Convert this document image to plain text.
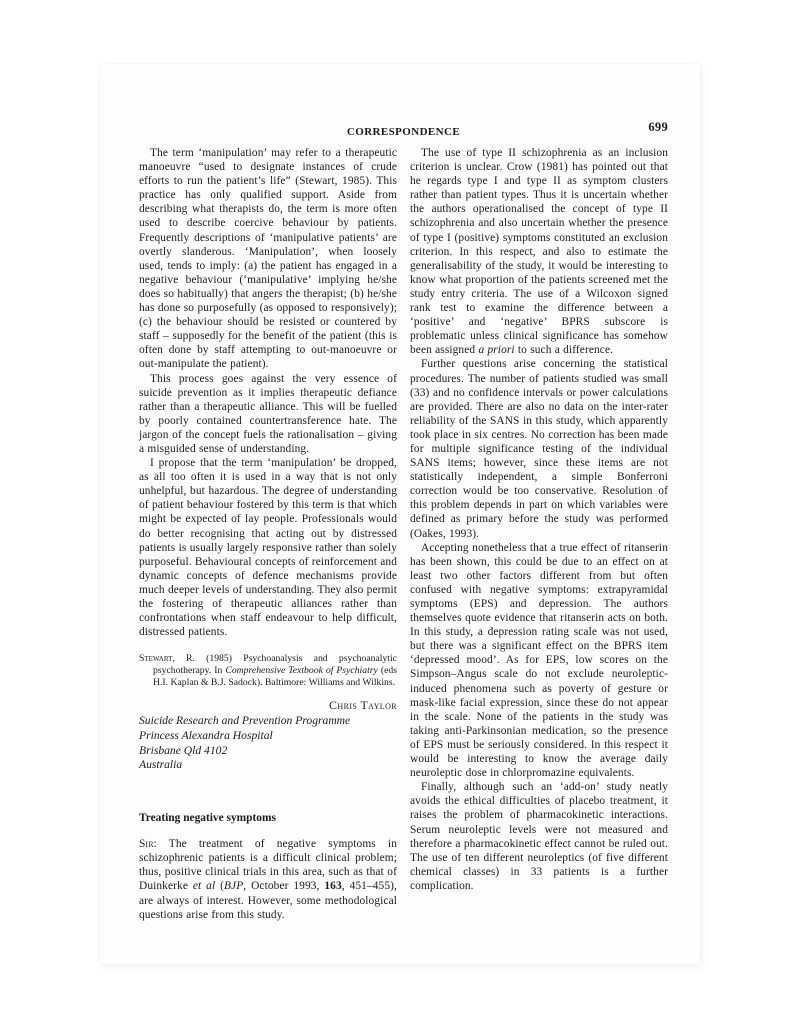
CORRESPONDENCE	699

The term ‘manipulation’ may refer to a therapeutic manoeuvre “used to designate instances of crude efforts to run the patient’s life” (Stewart, 1985). This practice has only qualified support. Aside from describing what therapists do, the term is more often used to describe coercive behaviour by patients. Frequently descriptions of ‘manipulative patients’ are overtly slanderous. ‘Manipulation’, when loosely used, tends to imply: (a) the patient has engaged in a negative behaviour (‘manipulative’ implying he/she does so habitually) that angers the therapist; (b) he/she has done so purposefully (as opposed to responsively); (c) the behaviour should be resisted or countered by staff – supposedly for the benefit of the patient (this is often done by staff attempting to out-manoeuvre or out-manipulate the patient).

This process goes against the very essence of suicide prevention as it implies therapeutic defiance rather than a therapeutic alliance. This will be fuelled by poorly contained countertransference hate. The jargon of the concept fuels the rationalisation – giving a misguided sense of understanding.

I propose that the term ‘manipulation’ be dropped, as all too often it is used in a way that is not only unhelpful, but hazardous. The degree of understanding of patient behaviour fostered by this term is that which might be expected of lay people. Professionals would do better recognising that acting out by distressed patients is usually largely responsive rather than solely purposeful. Behavioural concepts of reinforcement and dynamic concepts of defence mechanisms provide much deeper levels of understanding. They also permit the fostering of therapeutic alliances rather than confrontations when staff endeavour to help difficult, distressed patients.

Stewart, R. (1985) Psychoanalysis and psychoanalytic psychotherapy. In Comprehensive Textbook of Psychiatry (eds H.I. Kaplan & B.J. Sadock). Baltimore: Williams and Wilkins.

Chris Taylor

Suicide Research and Prevention Programme
Princess Alexandra Hospital
Brisbane Qld 4102
Australia
Treating negative symptoms

Sir: The treatment of negative symptoms in schizophrenic patients is a difficult clinical problem; thus, positive clinical trials in this area, such as that of Duinkerke et al (BJP, October 1993, 163, 451–455), are always of interest. However, some methodological questions arise from this study.

The use of type II schizophrenia as an inclusion criterion is unclear. Crow (1981) has pointed out that he regards type I and type II as symptom clusters rather than patient types. Thus it is uncertain whether the authors operationalised the concept of type II schizophrenia and also uncertain whether the presence of type I (positive) symptoms constituted an exclusion criterion. In this respect, and also to estimate the generalisability of the study, it would be interesting to know what proportion of the patients screened met the study entry criteria. The use of a Wilcoxon signed rank test to examine the difference between a ‘positive’ and ‘negative’ BPRS subscore is problematic unless clinical significance has somehow been assigned a priori to such a difference.

Further questions arise concerning the statistical procedures. The number of patients studied was small (33) and no confidence intervals or power calculations are provided. There are also no data on the inter-rater reliability of the SANS in this study, which apparently took place in six centres. No correction has been made for multiple significance testing of the individual SANS items; however, since these items are not statistically independent, a simple Bonferroni correction would be too conservative. Resolution of this problem depends in part on which variables were defined as primary before the study was performed (Oakes, 1993).

Accepting nonetheless that a true effect of ritanserin has been shown, this could be due to an effect on at least two other factors different from but often confused with negative symptoms: extrapyramidal symptoms (EPS) and depression. The authors themselves quote evidence that ritanserin acts on both. In this study, a depression rating scale was not used, but there was a significant effect on the BPRS item ‘depressed mood’. As for EPS, low scores on the Simpson–Angus scale do not exclude neuroleptic-induced phenomena such as poverty of gesture or mask-like facial expression, since these do not appear in the scale. None of the patients in the study was taking anti-Parkinsonian medication, so the presence of EPS must be seriously considered. In this respect it would be interesting to know the average daily neuroleptic dose in chlorpromazine equivalents.

Finally, although such an ‘add-on’ study neatly avoids the ethical difficulties of placebo treatment, it raises the problem of pharmacokinetic interactions. Serum neuroleptic levels were not measured and therefore a pharmacokinetic effect cannot be ruled out. The use of ten different neuroleptics (of five different chemical classes) in 33 patients is a further complication.
